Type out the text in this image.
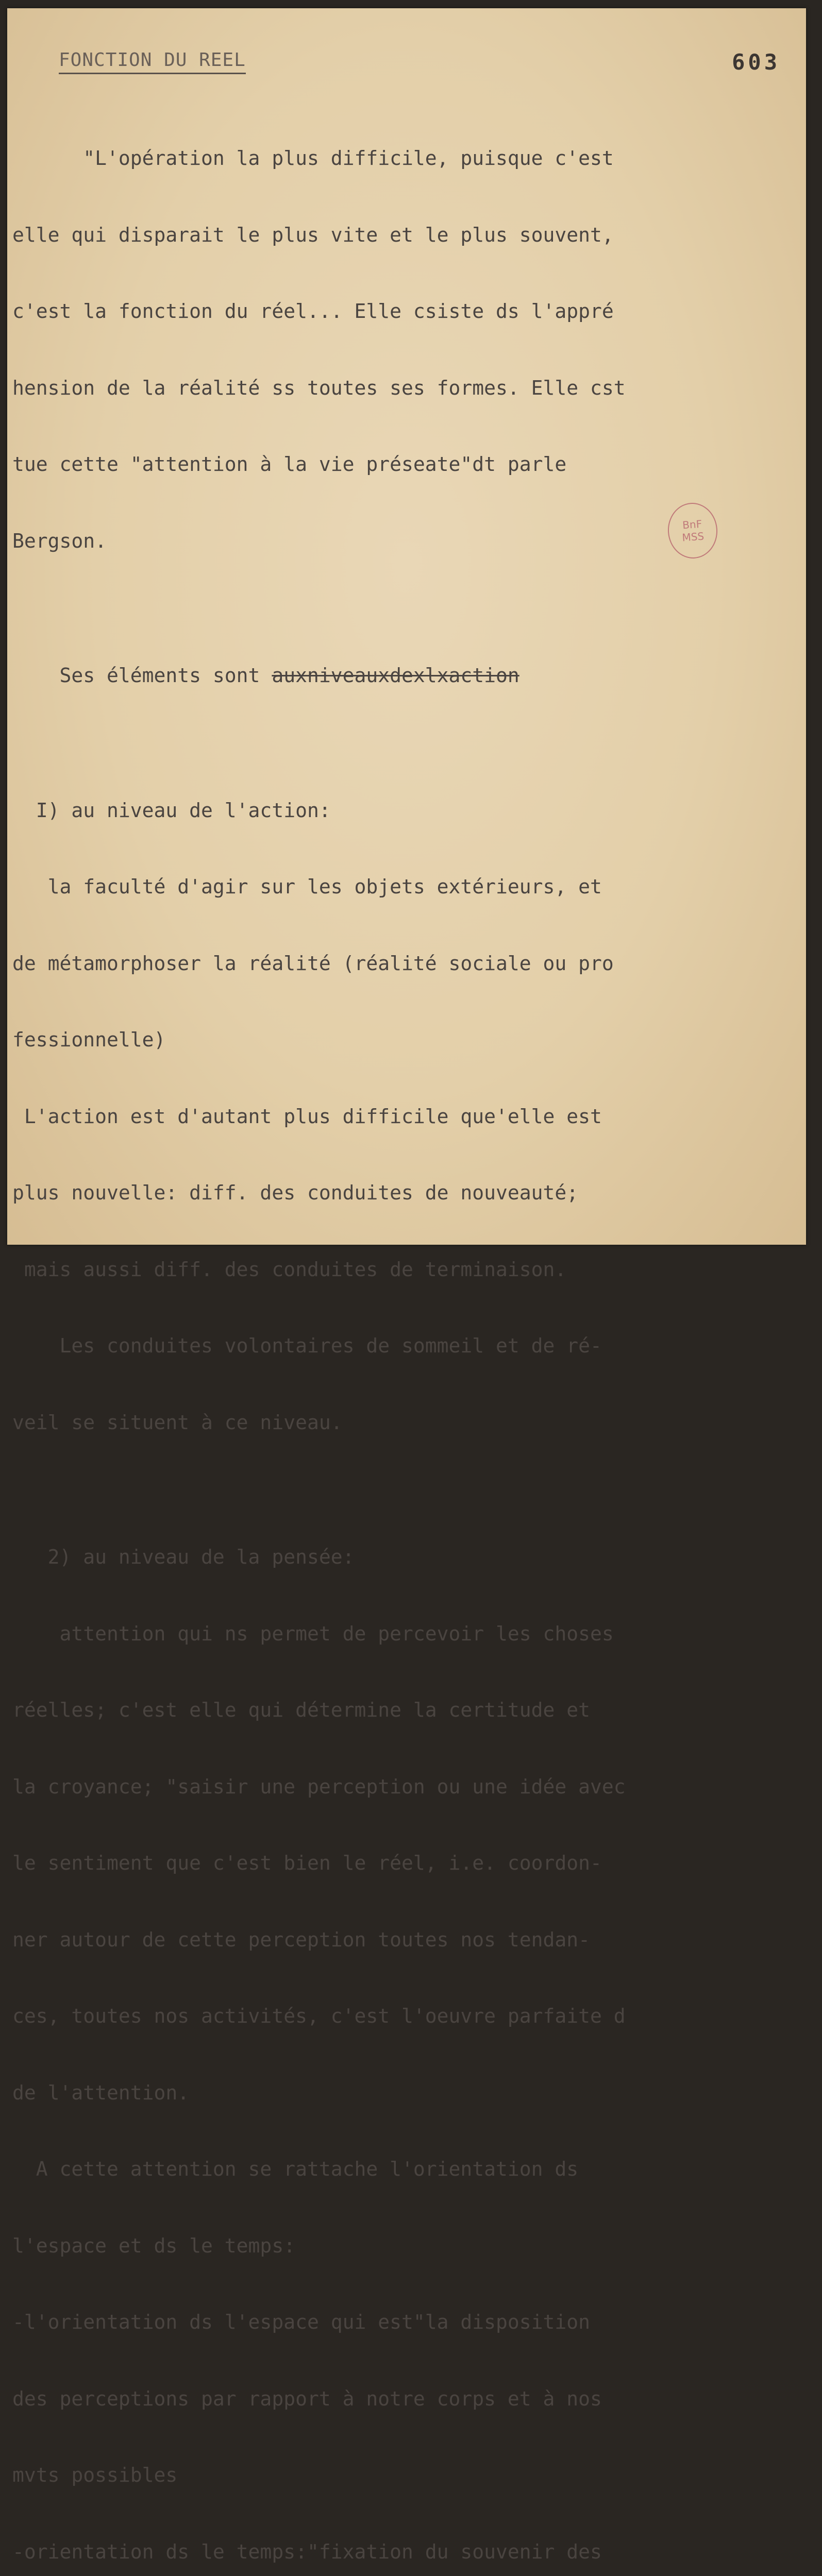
FONCTION DU REEL	603

"L'opération la plus difficile, puisque c'est

elle qui disparait le plus vite et le plus souvent,

c'est la fonction du réel... Elle csiste ds l'appré

hension de la réalité ss toutes ses formes. Elle cst

tue cette "attention à la vie préseate"dt parle

Bergson.

Ses éléments sont auxniveauxdexlxaction

I) au niveau de l'action:

la faculté d'agir sur les objets extérieurs, et

de métamorphoser la réalité (réalité sociale ou pro

fessionnelle)

L'action est d'autant plus difficile que'elle est

plus nouvelle: diff. des conduites de nouveauté;

mais aussi diff. des conduites de terminaison.

Les conduites volontaires de sommeil et de ré-

veil se situent à ce niveau.

2) au niveau de la pensée:

attention qui ns permet de percevoir les choses

réelles; c'est elle qui détermine la certitude et

la croyance; "saisir une perception ou une idée avec

le sentiment que c'est bien le réel, i.e. coordon-

ner autour de cette perception toutes nos tendan-

ces, toutes nos activités, c'est l'oeuvre parfaite d

de l'attention.

A cette attention se rattache l'orientation ds

l'espace et ds le temps:

-l'orientation ds l'espace qui est"la disposition

des perceptions par rapport à notre corps et à nos

mvts possibles

-orientation ds le temps:"fixation du souvenir des

BnF
MSS
